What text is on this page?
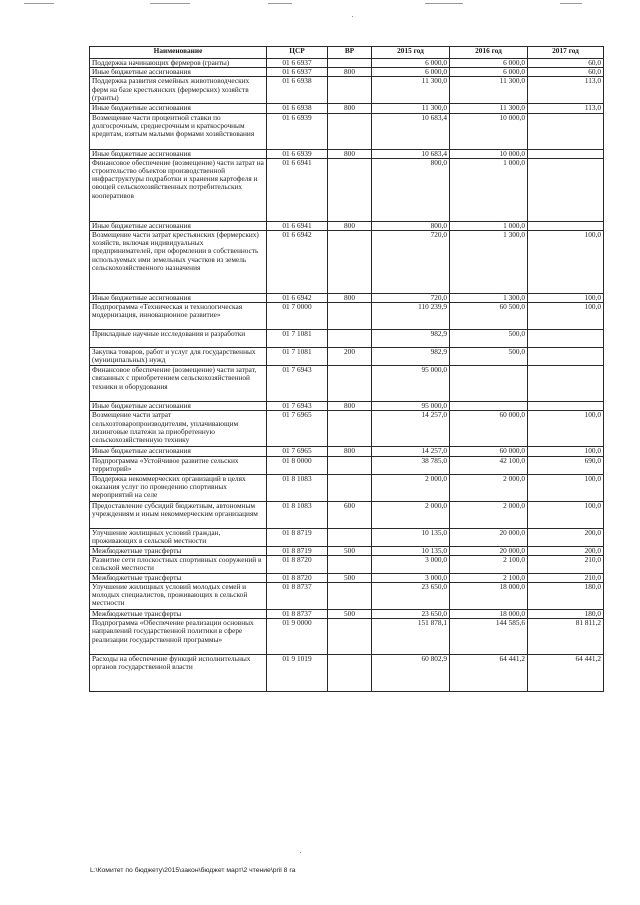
Наименование	ЦСР	ВР	2015 год	2016 год	2017 год
Поддержка начинающих фермеров (гранты)	01 6 6937		6 000,0	6 000,0	60,0
Иные бюджетные ассигнования	01 6 6937	800	6 000,0	6 000,0	60,0
Поддержка развития семейных животноводческих ферм на базе крестьянских (фермерских) хозяйств (гранты)	01 6 6938		11 300,0	11 300,0	113,0
Иные бюджетные ассигнования	01 6 6938	800	11 300,0	11 300,0	113,0
Возмещение части процентной ставки по долгосрочным, среднесрочным и краткосрочным кредитам, взятым малыми формами хозяйствования	01 6 6939		10 683,4	10 000,0	
Иные бюджетные ассигнования	01 6 6939	800	10 683,4	10 000,0	
Финансовое обеспечение (возмещение) части затрат на строительство объектов производственной инфраструктуры подработки и хранения картофеля и овощей сельскохозяйственных потребительских кооперативов	01 6 6941		800,0	1 000,0	
Иные бюджетные ассигнования	01 6 6941	800	800,0	1 000,0	
Возмещение части затрат крестьянских (фермерских) хозяйств, включая индивидуальных предпринимателей, при оформлении в собственность используемых ими земельных участков из земель сельскохозяйственного назначения	01 6 6942		720,0	1 300,0	100,0
Иные бюджетные ассигнования	01 6 6942	800	720,0	1 300,0	100,0
Подпрограмма «Техническая и технологическая модернизация, инновационное развитие»	01 7 0000		110 239,9	60 500,0	100,0
Прикладные научные исследования и разработки	01 7 1081		982,9	500,0	
Закупка товаров, работ и услуг для государственных (муниципальных) нужд	01 7 1081	200	982,9	500,0	
Финансовое обеспечение (возмещение) части затрат, связанных с приобретением сельскохозяйственной техники и оборудования	01 7 6943		95 000,0		
Иные бюджетные ассигнования	01 7 6943	800	95 000,0		
Возмещение части затрат сельхозтоваропроизводителям, уплачивающим лизинговые платежи за приобретенную сельскохозяйственную технику	01 7 6965		14 257,0	60 000,0	100,0
Иные бюджетные ассигнования	01 7 6965	800	14 257,0	60 000,0	100,0
Подпрограмма «Устойчивое развитие сельских территорий»	01 8 0000		38 785,0	42 100,0	690,0
Поддержка некоммерческих организаций в целях оказания услуг по проведению спортивных мероприятий на селе	01 8 1083		2 000,0	2 000,0	100,0
Предоставление субсидий бюджетным, автономным учреждениям и иным некоммерческим организациям	01 8 1083	600	2 000,0	2 000,0	100,0
Улучшение жилищных условий граждан, проживающих в сельской местности	01 8 8719		10 135,0	20 000,0	200,0
Межбюджетные трансферты	01 8 8719	500	10 135,0	20 000,0	200,0
Развитие сети плоскостных спортивных сооружений в сельской местности	01 8 8720		3 000,0	2 100,0	210,0
Межбюджетные трансферты	01 8 8720	500	3 000,0	2 100,0	210,0
Улучшение жилищных условий молодых семей и молодых специалистов, проживающих в сельской местности	01 8 8737		23 650,0	18 000,0	180,0
Межбюджетные трансферты	01 8 8737	500	23 650,0	18 000,0	180,0
Подпрограмма «Обеспечение реализации основных направлений государственной политики в сфере реализации государственной программы»	01 9 0000		151 878,1	144 585,6	81 811,2
Расходы на обеспечение функций исполнительных органов государственной власти	01 9 1019		60 802,9	64 441,2	64 441,2
L:\Комитет по бюджету\2015\закон\бюджет март\2 чтение\pril 8 ra
